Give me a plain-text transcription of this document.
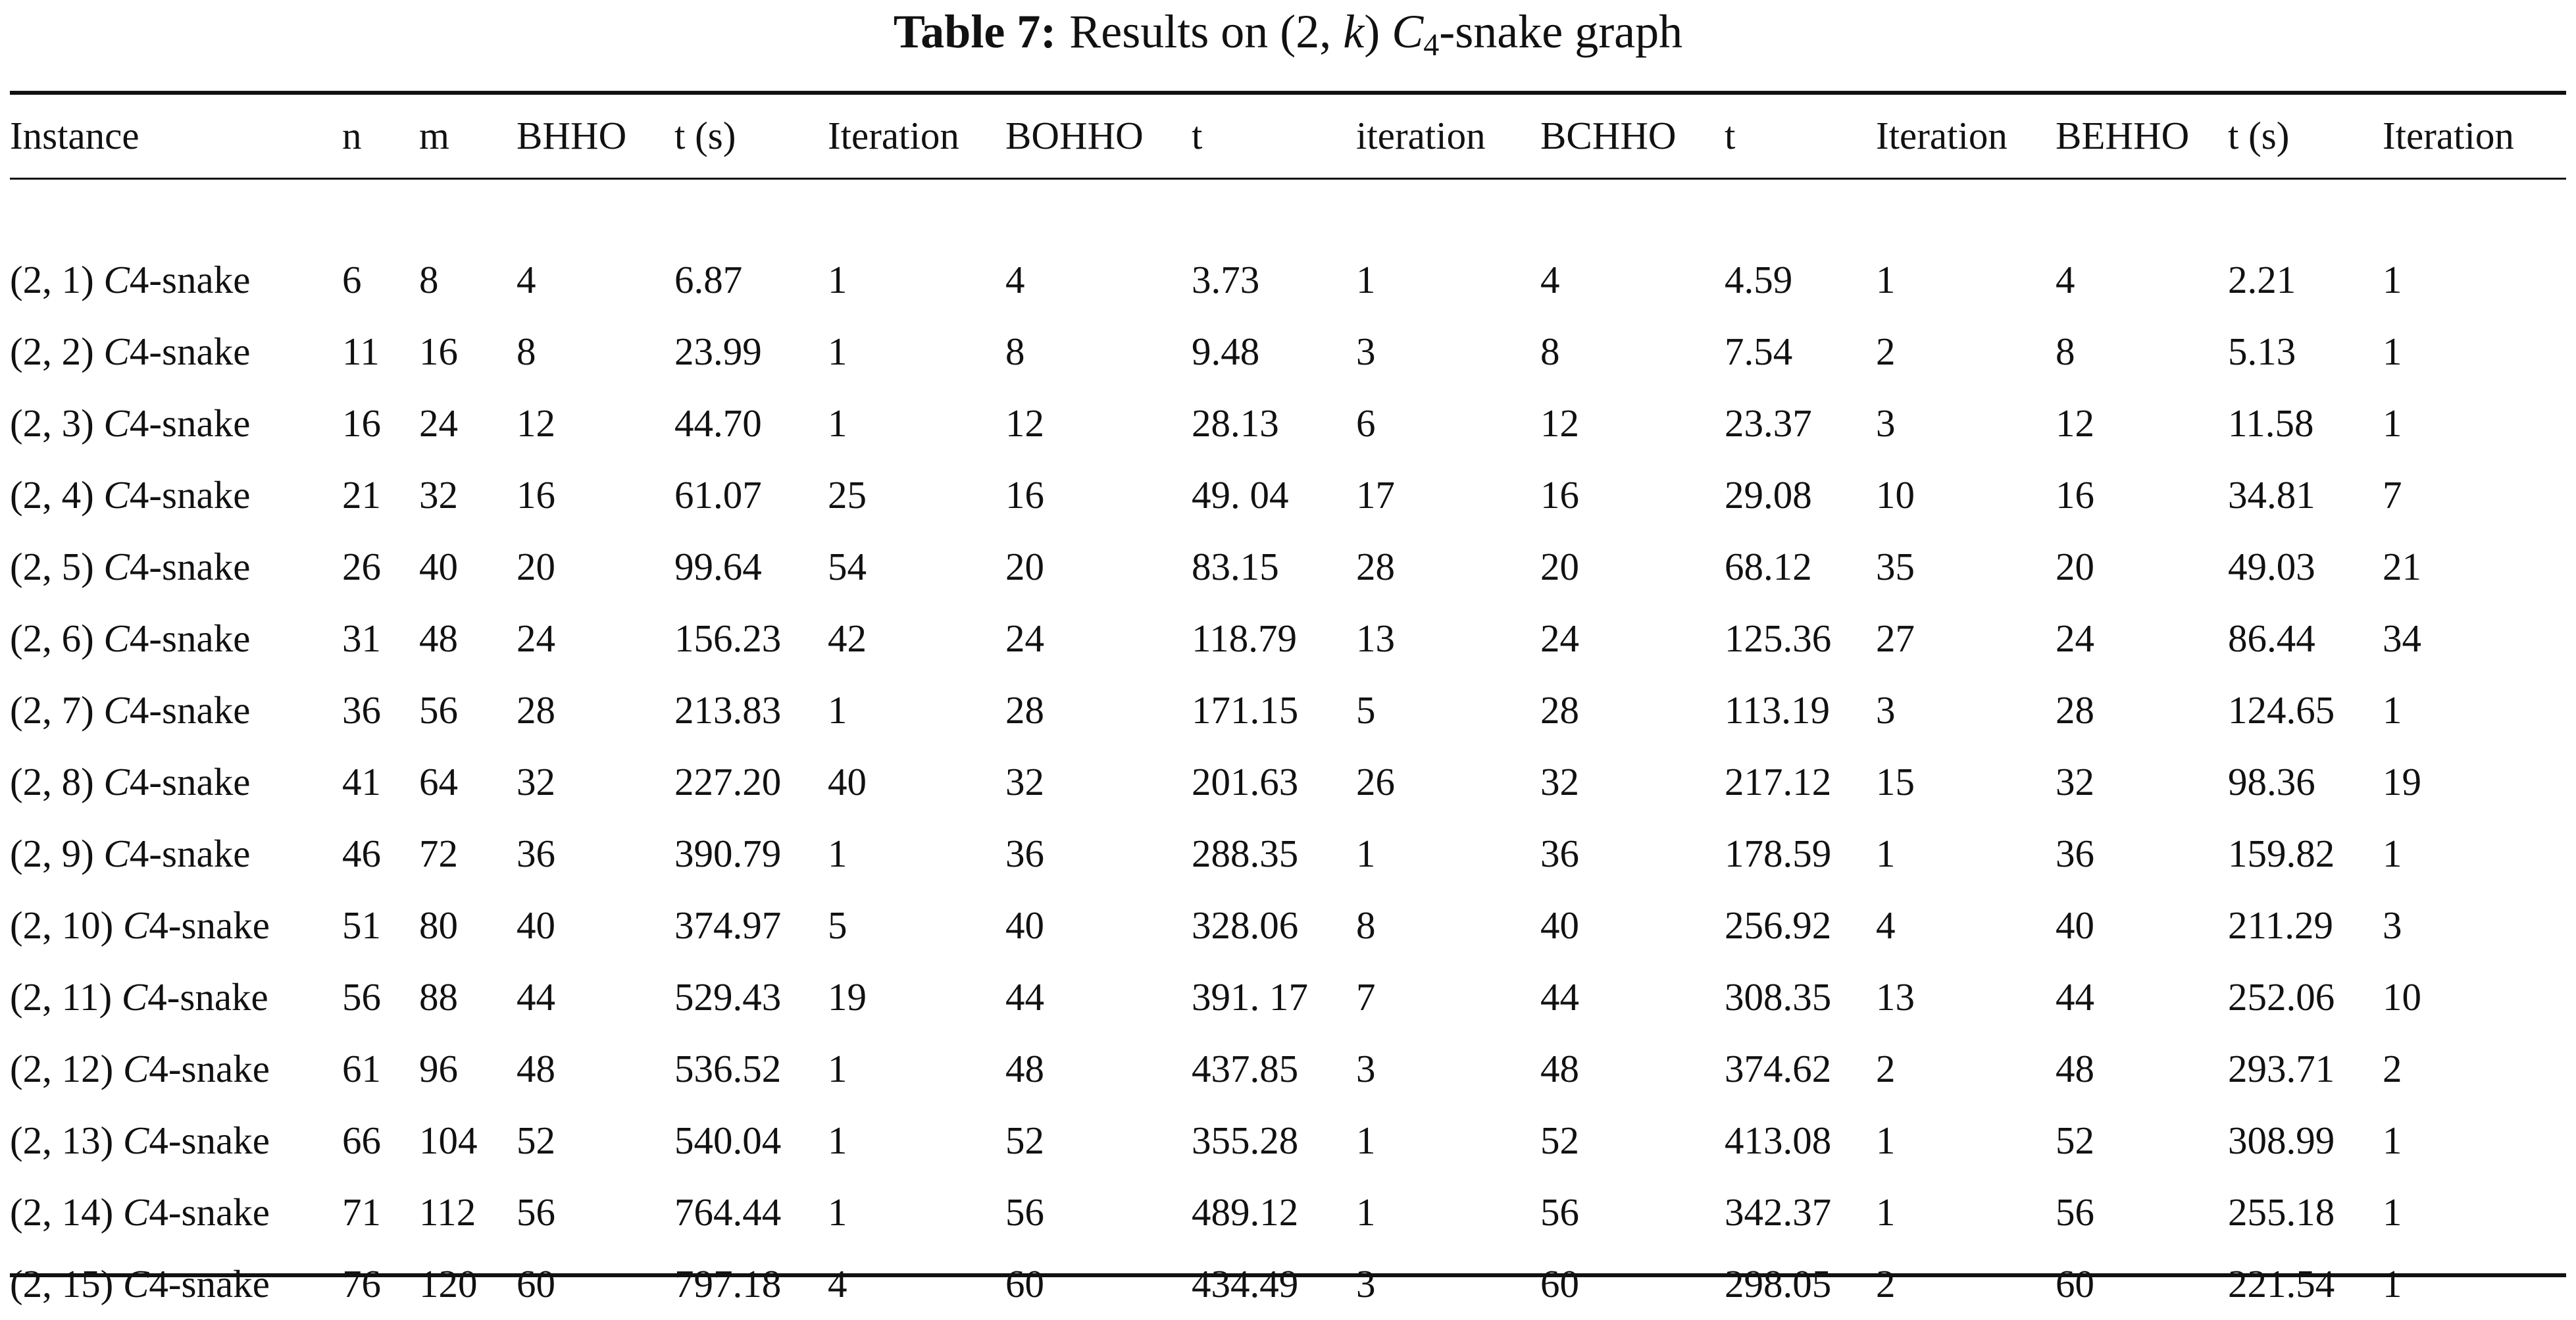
Table 7: Results on (2, k) $C_4$-snake graph
Instance	n	m	BHHO	t (s)	Iteration	BOHHO	t	iteration	BCHHO	t	Iteration	BEHHO	t (s)	Iteration

(2, 1) C4-snake	6	8	4	6.87	1	4	3.73	1	4	4.59	1	4	2.21	1
(2, 2) C4-snake	11	16	8	23.99	1	8	9.48	3	8	7.54	2	8	5.13	1
(2, 3) C4-snake	16	24	12	44.70	1	12	28.13	6	12	23.37	3	12	11.58	1
(2, 4) C4-snake	21	32	16	61.07	25	16	49. 04	17	16	29.08	10	16	34.81	7
(2, 5) C4-snake	26	40	20	99.64	54	20	83.15	28	20	68.12	35	20	49.03	21
(2, 6) C4-snake	31	48	24	156.23	42	24	118.79	13	24	125.36	27	24	86.44	34
(2, 7) C4-snake	36	56	28	213.83	1	28	171.15	5	28	113.19	3	28	124.65	1
(2, 8) C4-snake	41	64	32	227.20	40	32	201.63	26	32	217.12	15	32	98.36	19
(2, 9) C4-snake	46	72	36	390.79	1	36	288.35	1	36	178.59	1	36	159.82	1
(2, 10) C4-snake	51	80	40	374.97	5	40	328.06	8	40	256.92	4	40	211.29	3
(2, 11) C4-snake	56	88	44	529.43	19	44	391. 17	7	44	308.35	13	44	252.06	10
(2, 12) C4-snake	61	96	48	536.52	1	48	437.85	3	48	374.62	2	48	293.71	2
(2, 13) C4-snake	66	104	52	540.04	1	52	355.28	1	52	413.08	1	52	308.99	1
(2, 14) C4-snake	71	112	56	764.44	1	56	489.12	1	56	342.37	1	56	255.18	1
(2, 15) C4-snake	76	120	60	797.18	4	60	434.49	3	60	298.05	2	60	221.54	1
